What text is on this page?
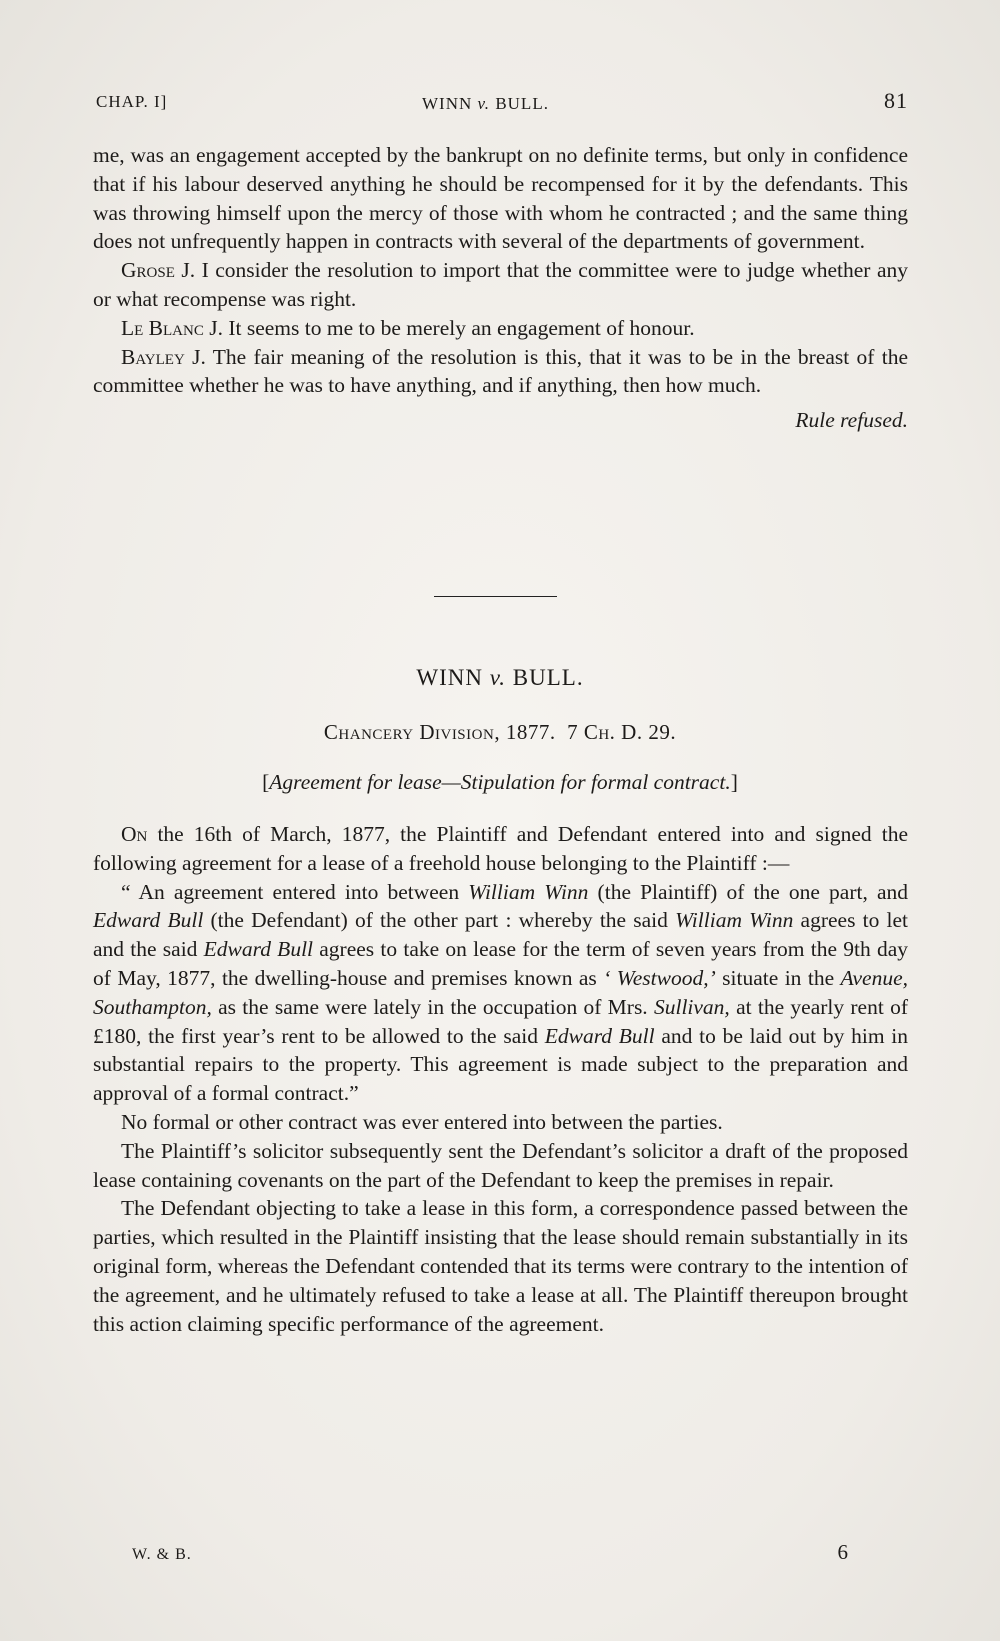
CHAP. I]	WINN v. BULL.	81

me, was an engagement accepted by the bankrupt on no definite terms, but only in confidence that if his labour deserved anything he should be recompensed for it by the defendants. This was throwing himself upon the mercy of those with whom he contracted ; and the same thing does not unfrequently happen in contracts with several of the departments of government.

Grose J. I consider the resolution to import that the committee were to judge whether any or what recompense was right.

Le Blanc J. It seems to me to be merely an engagement of honour.

Bayley J. The fair meaning of the resolution is this, that it was to be in the breast of the committee whether he was to have anything, and if anything, then how much.

Rule refused.

WINN v. BULL.
Chancery Division, 1877. 7 Ch. D. 29.
[Agreement for lease—Stipulation for formal contract.]

On the 16th of March, 1877, the Plaintiff and Defendant entered into and signed the following agreement for a lease of a freehold house belonging to the Plaintiff :—

“ An agreement entered into between William Winn (the Plaintiff) of the one part, and Edward Bull (the Defendant) of the other part : whereby the said William Winn agrees to let and the said Edward Bull agrees to take on lease for the term of seven years from the 9th day of May, 1877, the dwelling-house and premises known as ‘ Westwood,’ situate in the Avenue, Southampton, as the same were lately in the occupation of Mrs. Sullivan, at the yearly rent of £180, the first year’s rent to be allowed to the said Edward Bull and to be laid out by him in substantial repairs to the property. This agreement is made subject to the preparation and approval of a formal contract.”

No formal or other contract was ever entered into between the parties.

The Plaintiff’s solicitor subsequently sent the Defendant’s solicitor a draft of the proposed lease containing covenants on the part of the Defendant to keep the premises in repair.

The Defendant objecting to take a lease in this form, a correspondence passed between the parties, which resulted in the Plaintiff insisting that the lease should remain substantially in its original form, whereas the Defendant contended that its terms were contrary to the intention of the agreement, and he ultimately refused to take a lease at all. The Plaintiff thereupon brought this action claiming specific performance of the agreement.

W. & B.	6
